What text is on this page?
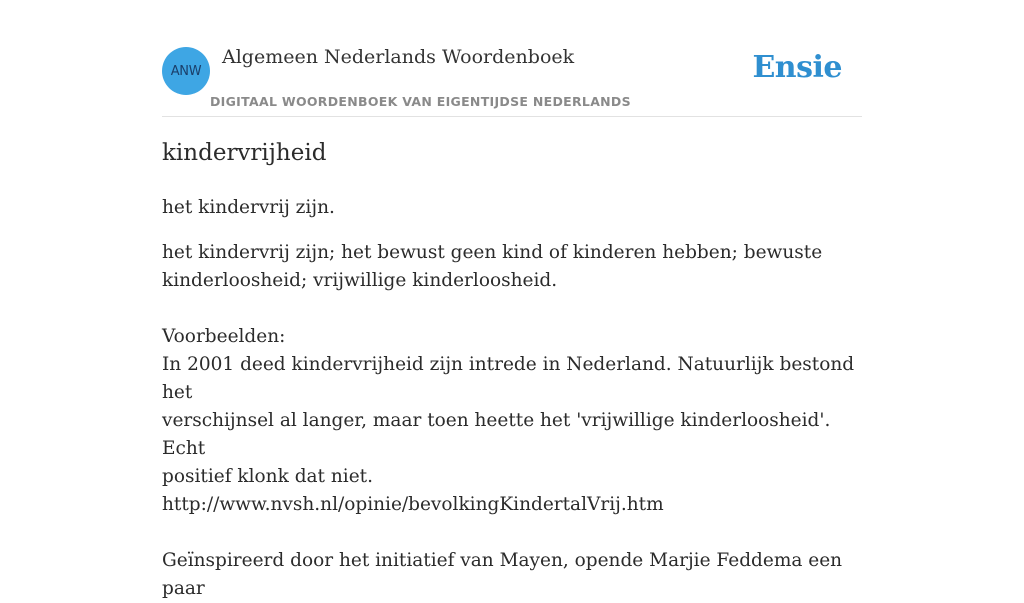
ANW
Algemeen Nederlands Woordenboek
DIGITAAL WOORDENBOEK VAN EIGENTIJDSE NEDERLANDS
Ensie
kindervrijheid
het kindervrij zijn.

het kindervrij zijn; het bewust geen kind of kinderen hebben; bewuste

kinderloosheid; vrijwillige kinderloosheid.

Voorbeelden:

In 2001 deed kindervrijheid zijn intrede in Nederland. Natuurlijk bestond het

verschijnsel al langer, maar toen heette het 'vrijwillige kinderloosheid'. Echt

positief klonk dat niet.

http://www.nvsh.nl/opinie/bevolkingKindertalVrij.htm

Geïnspireerd door het initiatief van Mayen, opende Marjie Feddema een paar
